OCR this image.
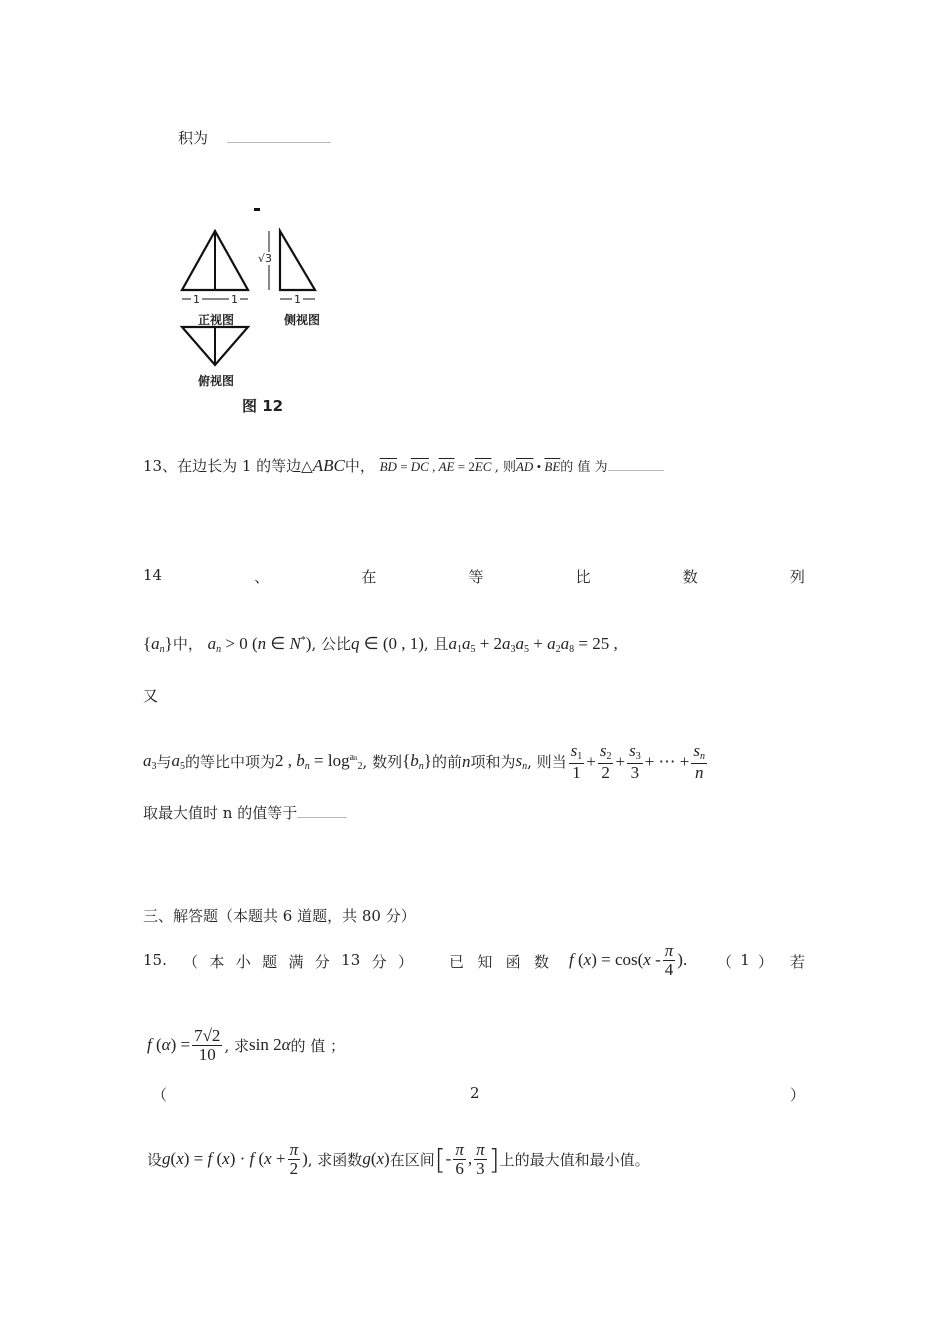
积为
1	1	1
√3
正视图	侧视图
俯视图
图 12
13、在边长为 1 的等边△ABC中， $\overline{BD} = \overline{DC}$ , $\overline{AE} = 2\overline{EC}$ , 则$\overline{AD}$ • $\overline{BE}$的 值 为
14	、	在	等	比	数	列
$\{a_n\}$中， $a_n > 0$ (n ∈ N*), 公比q ∈ (0 , 1), 且$a_1a_5 + 2a_3a_5 + a_2a_8 = 25$ ,
又
$a_3$ 与 $a_5$ 的等比中项为 2 , $b_n = \log^{an}_2$ , 数列 $\{b_n\}$ 的前 n 项和为 $s_n$ , 则当 $\frac{s_1}{1} + \frac{s_2}{2} + \frac{s_3}{3}$ + ⋯ + $\frac{s_n}{n}$
取最大值时 n 的值等于
三、解答题（本题共 6 道题，共 80 分）
15. （ 本 小 题 满 分 13 分 ） 已 知 函 数 f $(x) = \cos(x - \frac{\pi}{4}$ ). （ 1 ） 若
f $(\alpha) = \frac{7√2}{10}$ , 求 sin 2α 的 值 ；
（	2	）
设 g(x) = f (x) · f ($x + \frac{\pi}{2}$ ) , 求函数 g(x) 在区间 [ - $\frac{\pi}{6}$ , $\frac{\pi}{3}$ ] 上的最大值和最小值。
